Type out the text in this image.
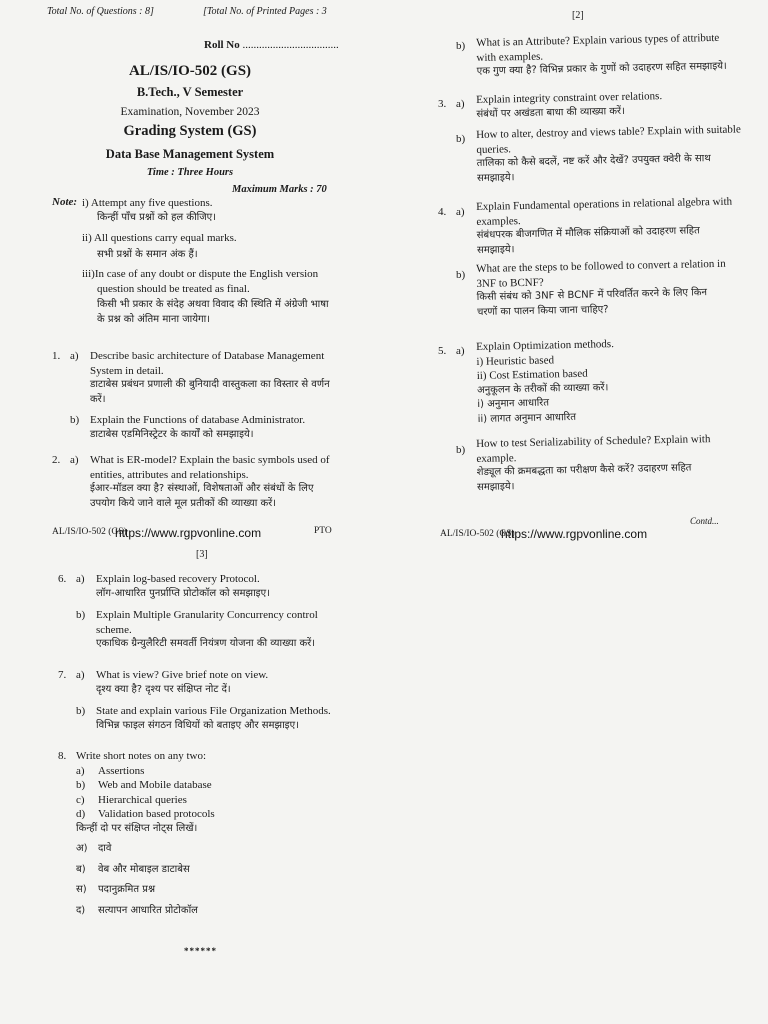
Total No. of Questions : 8]	[Total No. of Printed Pages : 3
Roll No ...................................
AL/IS/IO-502 (GS)
B.Tech., V Semester
Examination, November 2023
Grading System (GS)
Data Base Management System
Time : Three Hours
Maximum Marks : 70
Note: i) Attempt any five questions.
किन्हीं पाँच प्रश्नों को हल कीजिए।
ii) All questions carry equal marks.
सभी प्रश्नों के समान अंक हैं।
iii)In case of any doubt or dispute the English version
question should be treated as final.
किसी भी प्रकार के संदेह अथवा विवाद की स्थिति में अंग्रेजी भाषा
के प्रश्न को अंतिम माना जायेगा।
1. a) Describe basic architecture of Database Management
System in detail.
डाटाबेस प्रबंधन प्रणाली की बुनियादी वास्तुकला का विस्तार से वर्णन
करें।
b) Explain the Functions of database Administrator.
डाटाबेस एडमिनिस्ट्रेटर के कार्यों को समझाइये।
2. a) What is ER-model? Explain the basic symbols used of
entities, attributes and relationships.
ईआर-मॉडल क्या है? संस्थाओं, विशेषताओं और संबंधों के लिए
उपयोग किये जाने वाले मूल प्रतीकों की व्याख्या करें।
AL/IS/IO-502 (GS)
https://www.rgpvonline.com	PTO
[2]
b) What is an Attribute? Explain various types of attribute
with examples.
एक गुण क्या है? विभिन्न प्रकार के गुणों को उदाहरण सहित समझाइये।
3. a) Explain integrity constraint over relations.
संबंधों पर अखंडता बाधा की व्याख्या करें।
b) How to alter, destroy and views table? Explain with suitable
queries.
तालिका को कैसे बदलें, नष्ट करें और देखें? उपयुक्त क्वेरी के साथ
समझाइये।
4. a) Explain Fundamental operations in relational algebra with
examples.
संबंधपरक बीजगणित में मौलिक संक्रियाओं को उदाहरण सहित
समझाइये।
b)
What are the steps to be followed to convert a relation in
3NF to BCNF?
किसी संबंध को 3NF से BCNF में परिवर्तित करने के लिए किन
चरणों का पालन किया जाना चाहिए?
5. a) Explain Optimization methods.
i) Heuristic based
ii) Cost Estimation based
अनुकूलन के तरीकों की व्याख्या करें।
i) अनुमान आधारित
ii) लागत अनुमान आधारित
b)
How to test Serializability of Schedule? Explain with
example.
शेड्यूल की क्रमबद्धता का परीक्षण कैसे करें? उदाहरण सहित
समझाइये।
Contd...
AL/IS/IO-502 (GS)
https://www.rgpvonline.com
[3]
6. a) Explain log-based recovery Protocol.
लॉग-आधारित पुनर्प्राप्ति प्रोटोकॉल को समझाइए।
b) Explain Multiple Granularity Concurrency control
scheme.
एकाधिक ग्रैन्युलैरिटी समवर्ती नियंत्रण योजना की व्याख्या करें।
7. a) What is view? Give brief note on view.
दृश्य क्या है? दृश्य पर संक्षिप्त नोट दें।
b) State and explain various File Organization Methods.
विभिन्न फाइल संगठन विधियों को बताइए और समझाइए।
8. Write short notes on any two:
a) Assertions
b) Web and Mobile database
c) Hierarchical queries
d) Validation based protocols
किन्हीं दो पर संक्षिप्त नोट्स लिखें।
अ) दावे
ब) वेब और मोबाइल डाटाबेस
स) पदानुक्रमित प्रश्न
द) सत्यापन आधारित प्रोटोकॉल
******
